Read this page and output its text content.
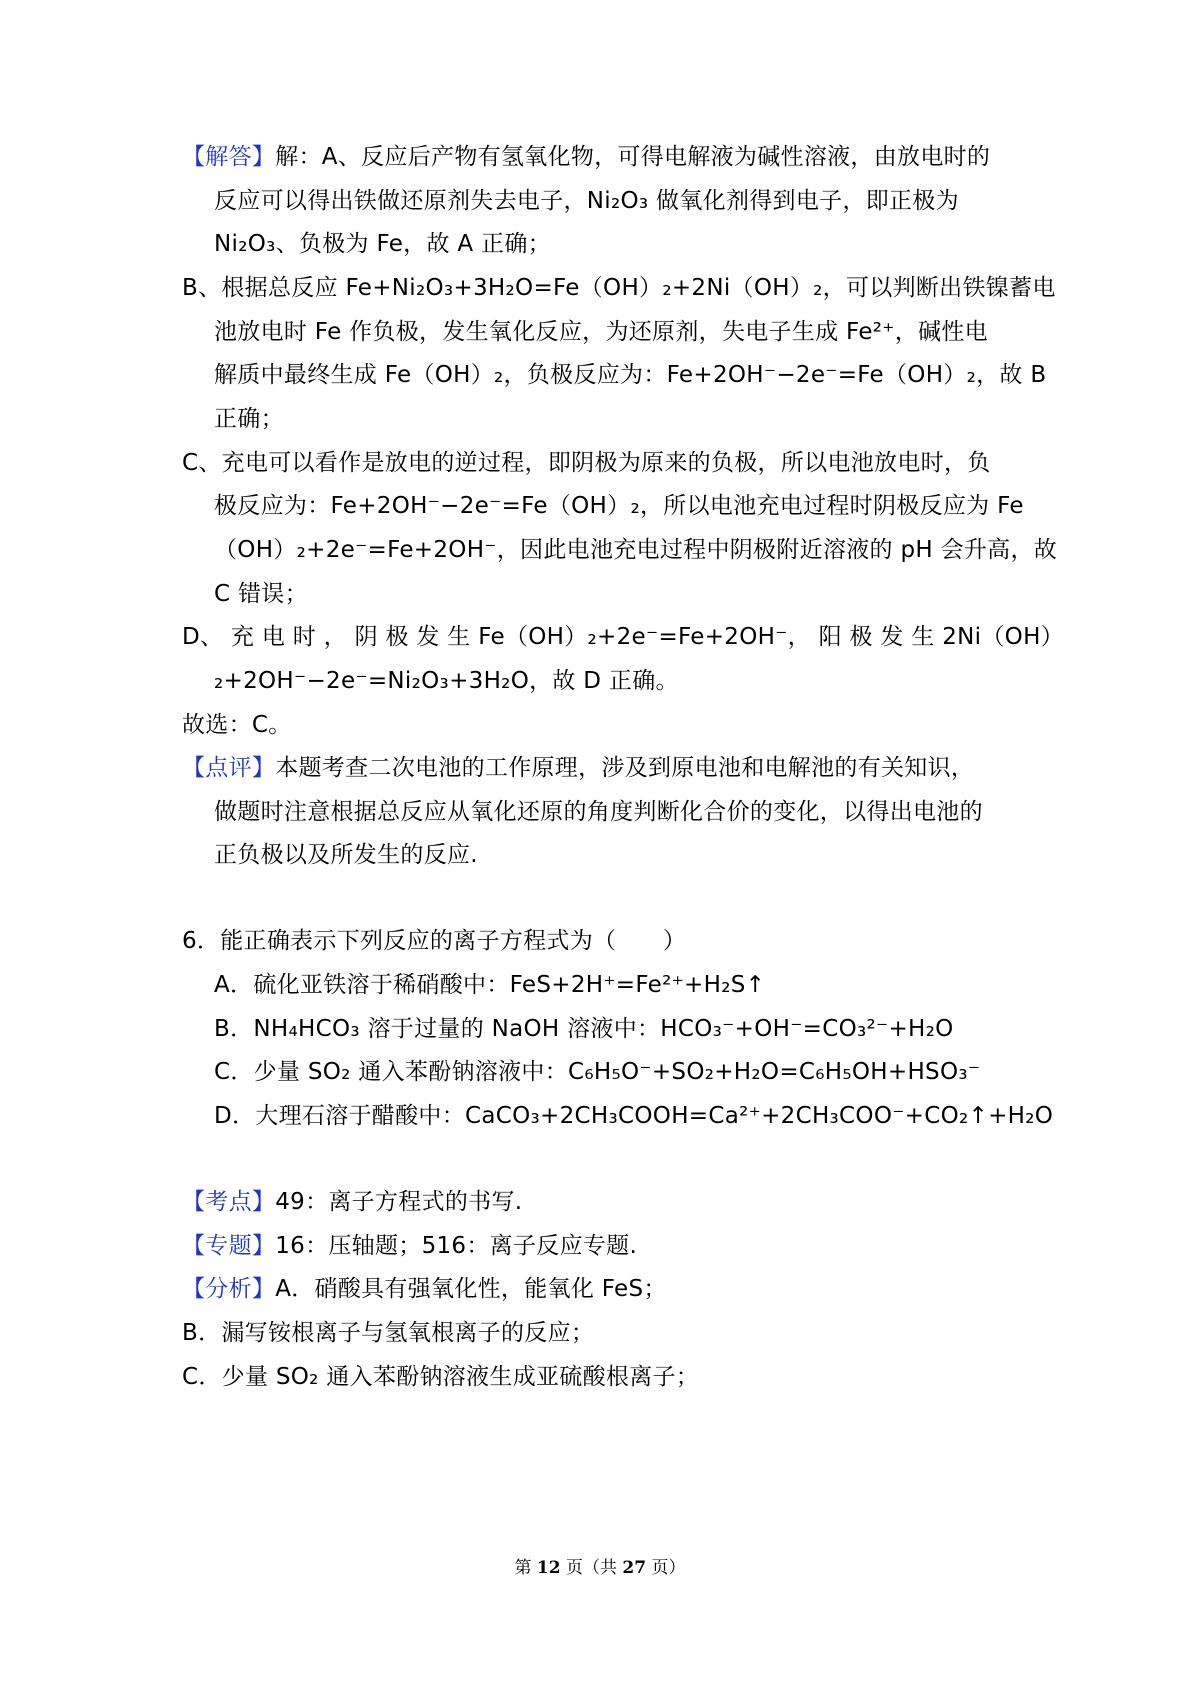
【解答】解：A、反应后产物有氢氧化物，可得电解液为碱性溶液，由放电时的
反应可以得出铁做还原剂失去电子，Ni₂O₃ 做氧化剂得到电子，即正极为
Ni₂O₃、负极为 Fe，故 A 正确；
B、根据总反应 Fe+Ni₂O₃+3H₂O=Fe（OH）₂+2Ni（OH）₂，可以判断出铁镍蓄电
池放电时 Fe 作负极，发生氧化反应，为还原剂，失电子生成 Fe²⁺，碱性电
解质中最终生成 Fe（OH）₂，负极反应为：Fe+2OH⁻−2e⁻=Fe（OH）₂，故 B
正确；
C、充电可以看作是放电的逆过程，即阴极为原来的负极，所以电池放电时，负
极反应为：Fe+2OH⁻−2e⁻=Fe（OH）₂，所以电池充电过程时阴极反应为 Fe
（OH）₂+2e⁻=Fe+2OH⁻，因此电池充电过程中阴极附近溶液的 pH 会升高，故
C 错误；
D、 充 电 时 ， 阴 极 发 生 Fe（OH）₂+2e⁻=Fe+2OH⁻， 阳 极 发 生 2Ni（OH）
₂+2OH⁻−2e⁻=Ni₂O₃+3H₂O，故 D 正确。
故选：C。
【点评】本题考查二次电池的工作原理，涉及到原电池和电解池的有关知识，
做题时注意根据总反应从氧化还原的角度判断化合价的变化，以得出电池的
正负极以及所发生的反应.
6．能正确表示下列反应的离子方程式为（　　）
A．硫化亚铁溶于稀硝酸中：FeS+2H⁺=Fe²⁺+H₂S↑
B．NH₄HCO₃ 溶于过量的 NaOH 溶液中：HCO₃⁻+OH⁻=CO₃²⁻+H₂O
C．少量 SO₂ 通入苯酚钠溶液中：C₆H₅O⁻+SO₂+H₂O=C₆H₅OH+HSO₃⁻
D．大理石溶于醋酸中：CaCO₃+2CH₃COOH=Ca²⁺+2CH₃COO⁻+CO₂↑+H₂O
【考点】49：离子方程式的书写.
【专题】16：压轴题；516：离子反应专题.
【分析】A．硝酸具有强氧化性，能氧化 FeS；
B．漏写铵根离子与氢氧根离子的反应；
C．少量 SO₂ 通入苯酚钠溶液生成亚硫酸根离子；
第 12 页（共 27 页）
